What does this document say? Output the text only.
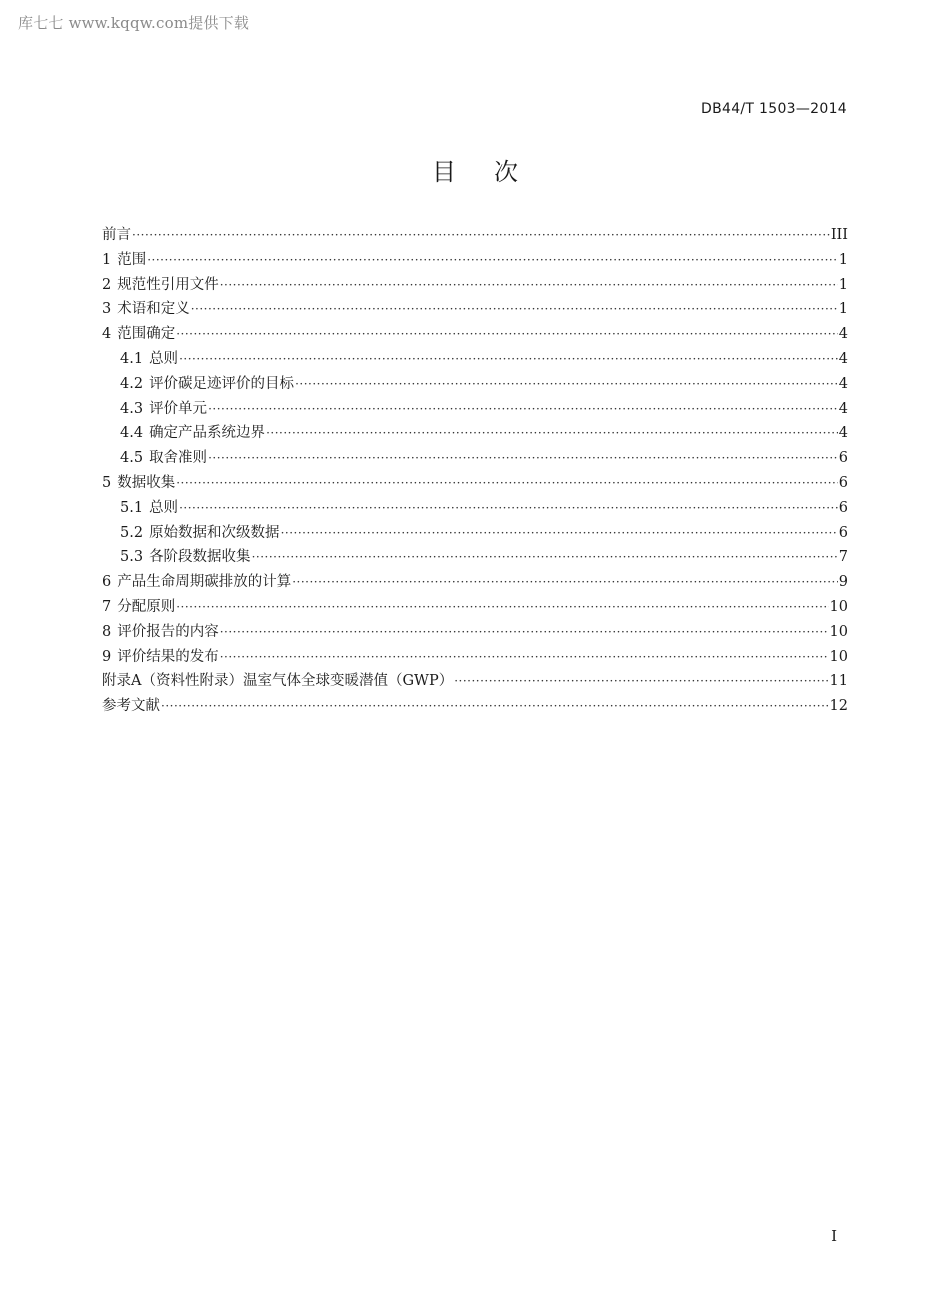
库七七 www.kqqw.com提供下载
DB44/T 1503—2014
目次
前言 ·····	III
1 范围 ·····	1
2 规范性引用文件 ·····	1
3 术语和定义 ·····	1
4 范围确定 ·····	4
4.1 总则 ·····	4
4.2 评价碳足迹评价的目标 ·····	4
4.3 评价单元 ·····	4
4.4 确定产品系统边界 ·····	4
4.5 取舍准则 ·····	6
5 数据收集 ·····	6
5.1 总则 ·····	6
5.2 原始数据和次级数据 ·····	6
5.3 各阶段数据收集 ·····	7
6 产品生命周期碳排放的计算 ·····	9
7 分配原则 ·····	10
8 评价报告的内容 ·····	10
9 评价结果的发布 ·····	10
附录A（资料性附录）温室气体全球变暖潜值（GWP） ·····	11
参考文献 ·····	12
I
